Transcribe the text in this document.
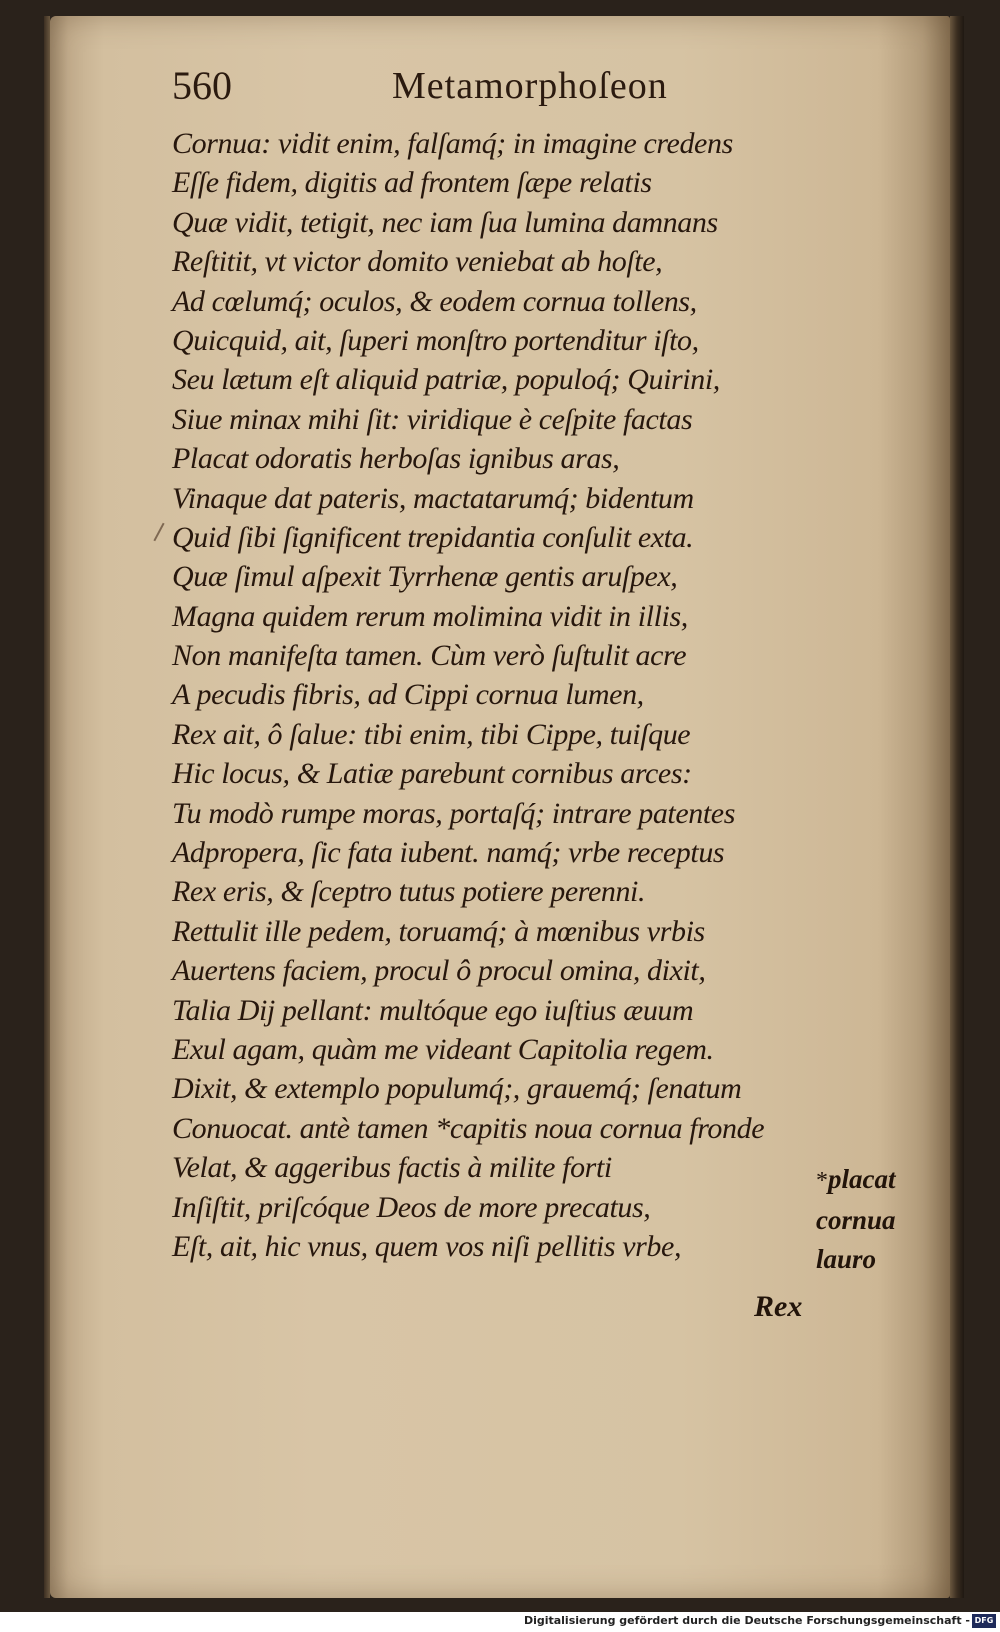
560	Metamorphoſeon
Cornua: vidit enim, falſamq́; in imagine credens
Eſſe fidem, digitis ad frontem ſæpe relatis
Quæ vidit, tetigit, nec iam ſua lumina damnans
Reſtitit, vt victor domito veniebat ab hoſte,
Ad cœlumq́; oculos, & eodem cornua tollens,
Quicquid, ait, ſuperi monſtro portenditur iſto,
Seu lætum eſt aliquid patriæ, populoq́; Quirini,
Siue minax mihi ſit: viridique è ceſpite factas
Placat odoratis herboſas ignibus aras,
Vinaque dat pateris, mactatarumq́; bidentum
Quid ſibi ſignificent trepidantia conſulit exta.
Quæ ſimul aſpexit Tyrrhenæ gentis aruſpex,
Magna quidem rerum molimina vidit in illis,
Non manifeſta tamen. Cùm verò ſuſtulit acre
A pecudis fibris, ad Cippi cornua lumen,
Rex ait, ô ſalue: tibi enim, tibi Cippe, tuiſque
Hic locus, & Latiæ parebunt cornibus arces:
Tu modò rumpe moras, portaſq́; intrare patentes
Adpropera, ſic fata iubent. namq́; vrbe receptus
Rex eris, & ſceptro tutus potiere perenni.
Rettulit ille pedem, toruamq́; à mœnibus vrbis
Auertens faciem, procul ô procul omina, dixit,
Talia Dij pellant: multóque ego iuſtius æuum
Exul agam, quàm me videant Capitolia regem.
Dixit, & extemplo populumq́;, grauemq́; ſenatum
Conuocat. antè tamen *capitis noua cornua fronde
Velat, & aggeribus factis à milite forti
Inſiſtit, priſcóque Deos de more precatus,
Eſt, ait, hic vnus, quem vos niſi pellitis vrbe,
*placat
cornua
lauro
Rex
Digitalisierung gefördert durch die Deutsche Forschungsgemeinschaft - DFG
